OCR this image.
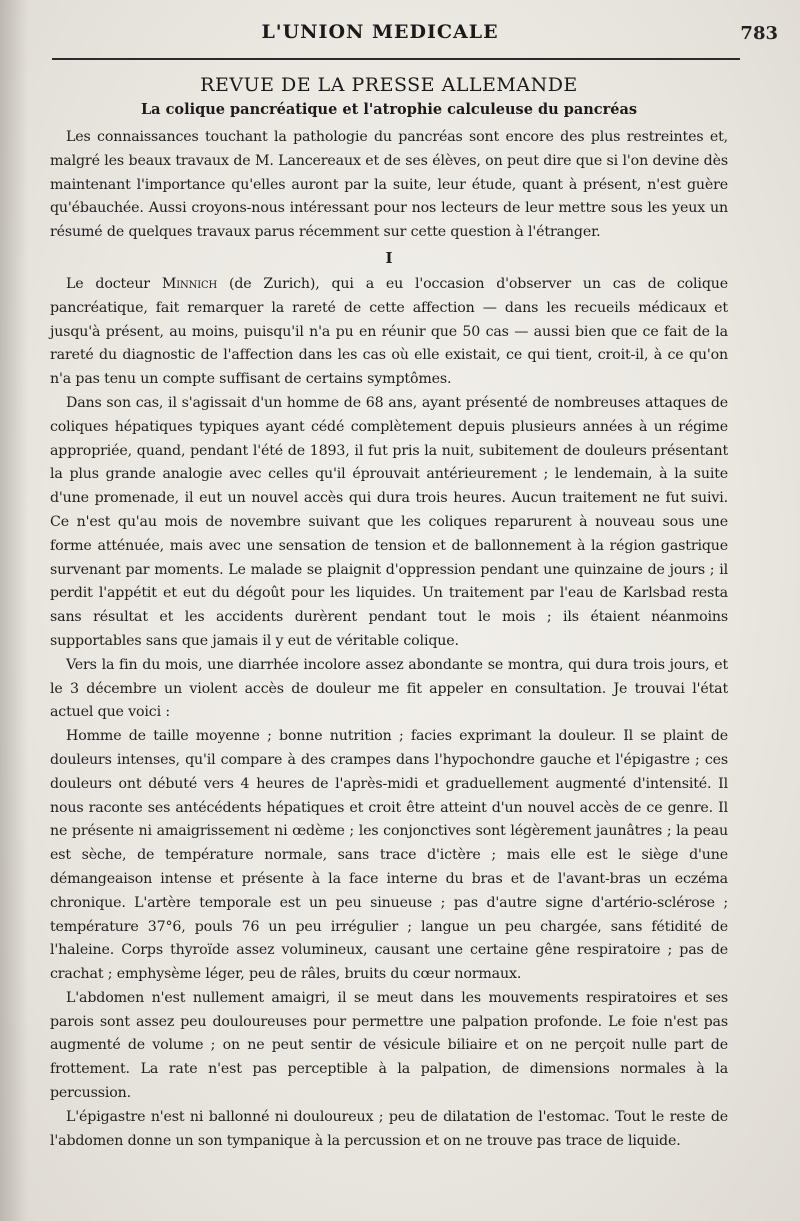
L'UNION MEDICALE	783
REVUE DE LA PRESSE ALLEMANDE
La colique pancréatique et l'atrophie calculeuse du pancréas

Les connaissances touchant la pathologie du pancréas sont encore des plus restreintes et, malgré les beaux travaux de M. Lancereaux et de ses élèves, on peut dire que si l'on devine dès maintenant l'importance qu'elles auront par la suite, leur étude, quant à présent, n'est guère qu'ébauchée. Aussi croyons-nous intéressant pour nos lecteurs de leur mettre sous les yeux un résumé de quelques travaux parus récemment sur cette question à l'étranger.

I

Le docteur Minnich (de Zurich), qui a eu l'occasion d'observer un cas de colique pancréatique, fait remarquer la rareté de cette affection — dans les recueils médicaux et jusqu'à présent, au moins, puisqu'il n'a pu en réunir que 50 cas — aussi bien que ce fait de la rareté du diagnostic de l'affection dans les cas où elle existait, ce qui tient, croit-il, à ce qu'on n'a pas tenu un compte suffisant de certains symptômes.

Dans son cas, il s'agissait d'un homme de 68 ans, ayant présenté de nombreuses attaques de coliques hépatiques typiques ayant cédé complètement depuis plusieurs années à un régime appropriée, quand, pendant l'été de 1893, il fut pris la nuit, subitement de douleurs présentant la plus grande analogie avec celles qu'il éprouvait antérieurement ; le lendemain, à la suite d'une promenade, il eut un nouvel accès qui dura trois heures. Aucun traitement ne fut suivi. Ce n'est qu'au mois de novembre suivant que les coliques reparurent à nouveau sous une forme atténuée, mais avec une sensation de tension et de ballonnement à la région gastrique survenant par moments. Le malade se plaignit d'oppression pendant une quinzaine de jours ; il perdit l'appétit et eut du dégoût pour les liquides. Un traitement par l'eau de Karlsbad resta sans résultat et les accidents durèrent pendant tout le mois ; ils étaient néanmoins supportables sans que jamais il y eut de véritable colique.

Vers la fin du mois, une diarrhée incolore assez abondante se montra, qui dura trois jours, et le 3 décembre un violent accès de douleur me fit appeler en consultation. Je trouvai l'état actuel que voici :

Homme de taille moyenne ; bonne nutrition ; facies exprimant la douleur. Il se plaint de douleurs intenses, qu'il compare à des crampes dans l'hypochondre gauche et l'épigastre ; ces douleurs ont débuté vers 4 heures de l'après-midi et graduellement augmenté d'intensité. Il nous raconte ses antécédents hépatiques et croit être atteint d'un nouvel accès de ce genre. Il ne présente ni amaigrissement ni œdème ; les conjonctives sont légèrement jaunâtres ; la peau est sèche, de température normale, sans trace d'ictère ; mais elle est le siège d'une démangeaison intense et présente à la face interne du bras et de l'avant-bras un eczéma chronique. L'artère temporale est un peu sinueuse ; pas d'autre signe d'artério-sclérose ; température 37°6, pouls 76 un peu irrégulier ; langue un peu chargée, sans fétidité de l'haleine. Corps thyroïde assez volumineux, causant une certaine gêne respiratoire ; pas de crachat ; emphysème léger, peu de râles, bruits du cœur normaux.

L'abdomen n'est nullement amaigri, il se meut dans les mouvements respiratoires et ses parois sont assez peu douloureuses pour permettre une palpation profonde. Le foie n'est pas augmenté de volume ; on ne peut sentir de vésicule biliaire et on ne perçoit nulle part de frottement. La rate n'est pas perceptible à la palpation, de dimensions normales à la percussion.

L'épigastre n'est ni ballonné ni douloureux ; peu de dilatation de l'estomac. Tout le reste de l'abdomen donne un son tympanique à la percussion et on ne trouve pas trace de liquide.
